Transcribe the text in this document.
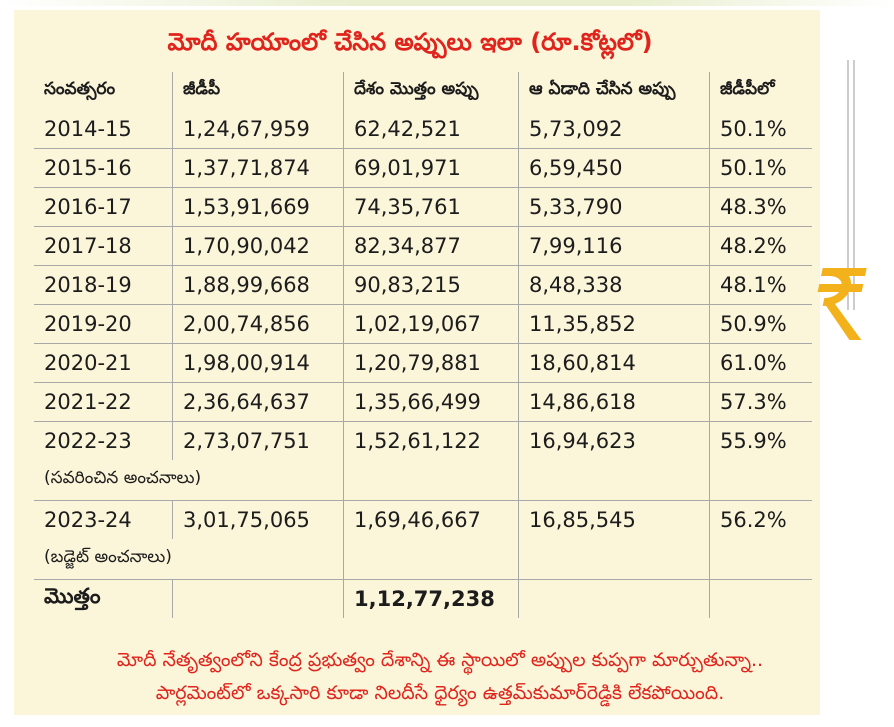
మోదీ హయాంలో చేసిన అప్పులు ఇలా (రూ.కోట్లలో)
సంవత్సరం	జీడీపీ	దేశం మొత్తం అప్పు	ఆ ఏడాది చేసిన అప్పు	జీడీపీలో
2014-15	1,24,67,959	62,42,521	5,73,092	50.1%
2015-16	1,37,71,874	69,01,971	6,59,450	50.1%
2016-17	1,53,91,669	74,35,761	5,33,790	48.3%
2017-18	1,70,90,042	82,34,877	7,99,116	48.2%
2018-19	1,88,99,668	90,83,215	8,48,338	48.1%
2019-20	2,00,74,856	1,02,19,067	11,35,852	50.9%
2020-21	1,98,00,914	1,20,79,881	18,60,814	61.0%
2021-22	2,36,64,637	1,35,66,499	14,86,618	57.3%
2022-23	2,73,07,751	1,52,61,122	16,94,623	55.9%
(సవరించిన అంచనాలు)				
2023-24	3,01,75,065	1,69,46,667	16,85,545	56.2%
(బడ్జెట్ అంచనాలు)				
మొత్తం		1,12,77,238		
మోదీ నేతృత్వంలోని కేంద్ర ప్రభుత్వం దేశాన్ని ఈ స్థాయిలో అప్పుల కుప్పగా మార్చుతున్నా..
పార్లమెంట్‌లో ఒక్కసారి కూడా నిలదీసే ధైర్యం ఉత్తమ్‌కుమార్‌రెడ్డికి లేకపోయింది.
